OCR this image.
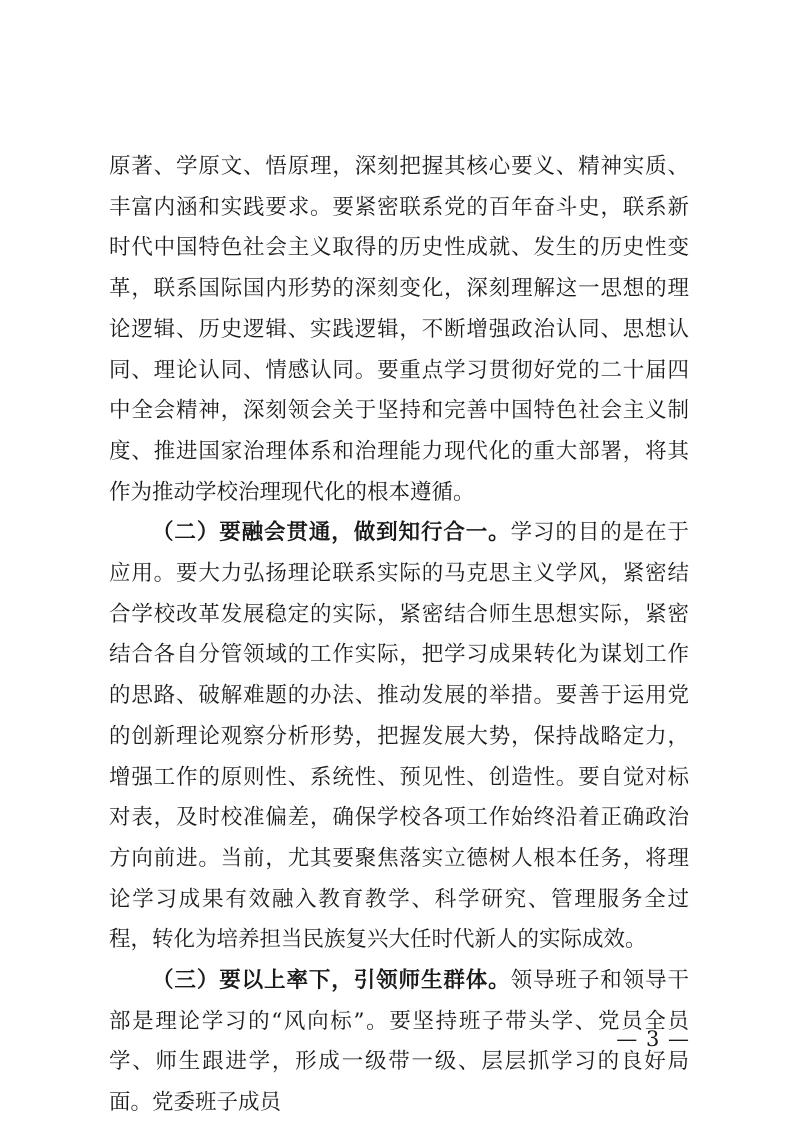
原著、学原文、悟原理，深刻把握其核心要义、精神实质、丰富内涵和实践要求。要紧密联系党的百年奋斗史，联系新时代中国特色社会主义取得的历史性成就、发生的历史性变革，联系国际国内形势的深刻变化，深刻理解这一思想的理论逻辑、历史逻辑、实践逻辑，不断增强政治认同、思想认同、理论认同、情感认同。要重点学习贯彻好党的二十届四中全会精神，深刻领会关于坚持和完善中国特色社会主义制度、推进国家治理体系和治理能力现代化的重大部署，将其作为推动学校治理现代化的根本遵循。

（二）要融会贯通，做到知行合一。学习的目的是在于应用。要大力弘扬理论联系实际的马克思主义学风，紧密结合学校改革发展稳定的实际，紧密结合师生思想实际，紧密结合各自分管领域的工作实际，把学习成果转化为谋划工作的思路、破解难题的办法、推动发展的举措。要善于运用党的创新理论观察分析形势，把握发展大势，保持战略定力，增强工作的原则性、系统性、预见性、创造性。要自觉对标对表，及时校准偏差，确保学校各项工作始终沿着正确政治方向前进。当前，尤其要聚焦落实立德树人根本任务，将理论学习成果有效融入教育教学、科学研究、管理服务全过程，转化为培养担当民族复兴大任时代新人的实际成效。

（三）要以上率下，引领师生群体。领导班子和领导干部是理论学习的“风向标”。要坚持班子带头学、党员全员学、师生跟进学，形成一级带一级、层层抓学习的良好局面。党委班子成员

— 3 —
